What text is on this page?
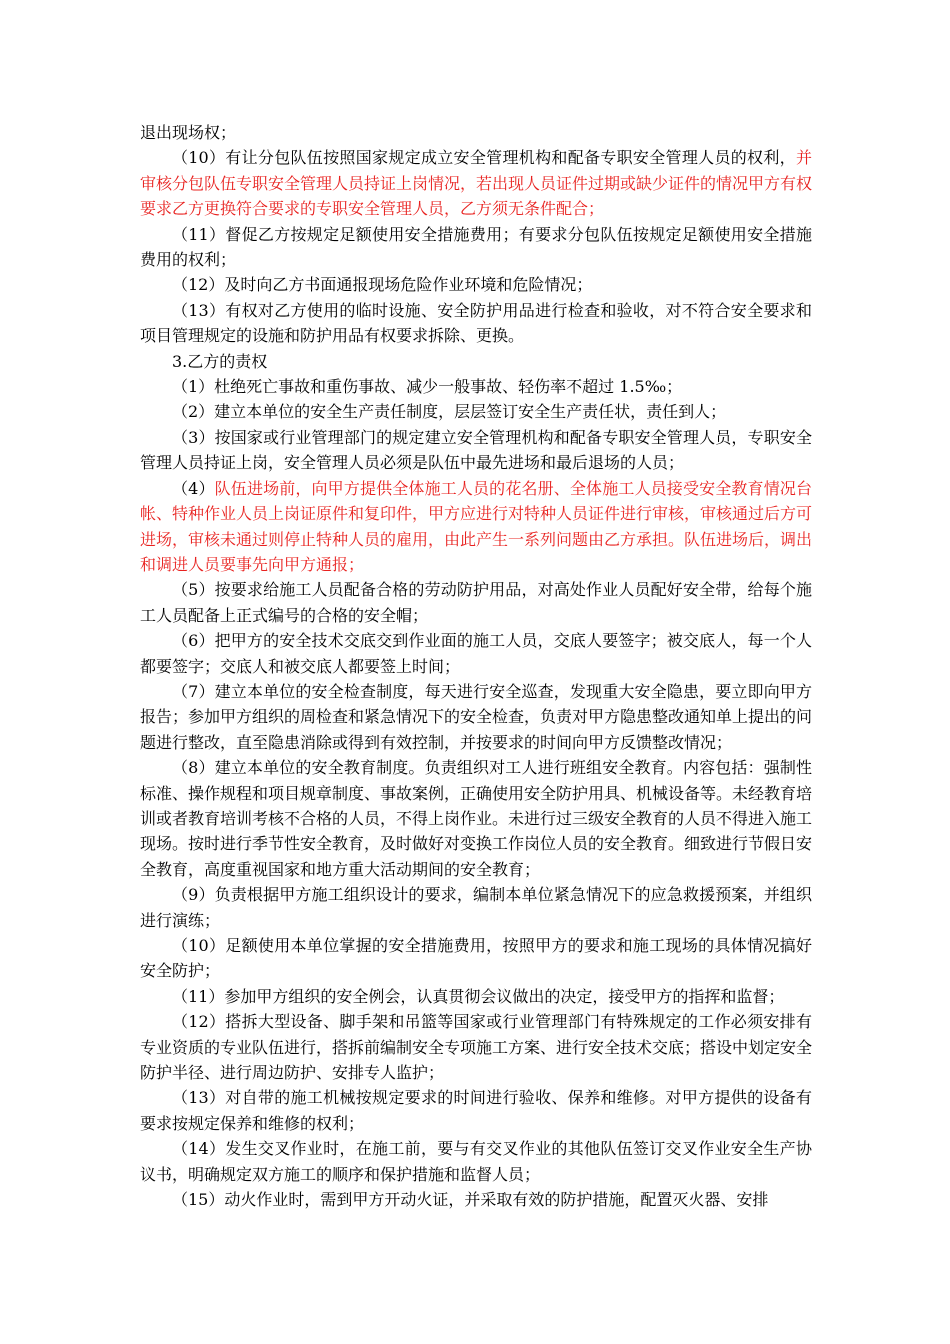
退出现场权；

（10）有让分包队伍按照国家规定成立安全管理机构和配备专职安全管理人员的权利，并审核分包队伍专职安全管理人员持证上岗情况，若出现人员证件过期或缺少证件的情况甲方有权要求乙方更换符合要求的专职安全管理人员，乙方须无条件配合；

（11）督促乙方按规定足额使用安全措施费用；有要求分包队伍按规定足额使用安全措施费用的权利；

（12）及时向乙方书面通报现场危险作业环境和危险情况；

（13）有权对乙方使用的临时设施、安全防护用品进行检查和验收，对不符合安全要求和项目管理规定的设施和防护用品有权要求拆除、更换。

3.乙方的责权

（1）杜绝死亡事故和重伤事故、减少一般事故、轻伤率不超过 1.5‰；

（2）建立本单位的安全生产责任制度，层层签订安全生产责任状，责任到人；

（3）按国家或行业管理部门的规定建立安全管理机构和配备专职安全管理人员，专职安全管理人员持证上岗，安全管理人员必须是队伍中最先进场和最后退场的人员；

（4）队伍进场前，向甲方提供全体施工人员的花名册、全体施工人员接受安全教育情况台帐、特种作业人员上岗证原件和复印件，甲方应进行对特种人员证件进行审核，审核通过后方可进场，审核未通过则停止特种人员的雇用，由此产生一系列问题由乙方承担。队伍进场后，调出和调进人员要事先向甲方通报；

（5）按要求给施工人员配备合格的劳动防护用品，对高处作业人员配好安全带，给每个施工人员配备上正式编号的合格的安全帽；

（6）把甲方的安全技术交底交到作业面的施工人员，交底人要签字；被交底人，每一个人都要签字；交底人和被交底人都要签上时间；

（7）建立本单位的安全检查制度，每天进行安全巡查，发现重大安全隐患，要立即向甲方报告；参加甲方组织的周检查和紧急情况下的安全检查，负责对甲方隐患整改通知单上提出的问题进行整改，直至隐患消除或得到有效控制，并按要求的时间向甲方反馈整改情况；

（8）建立本单位的安全教育制度。负责组织对工人进行班组安全教育。内容包括：强制性标准、操作规程和项目规章制度、事故案例，正确使用安全防护用具、机械设备等。未经教育培训或者教育培训考核不合格的人员，不得上岗作业。未进行过三级安全教育的人员不得进入施工现场。按时进行季节性安全教育，及时做好对变换工作岗位人员的安全教育。细致进行节假日安全教育，高度重视国家和地方重大活动期间的安全教育；

（9）负责根据甲方施工组织设计的要求，编制本单位紧急情况下的应急救援预案，并组织进行演练；

（10）足额使用本单位掌握的安全措施费用，按照甲方的要求和施工现场的具体情况搞好安全防护；

（11）参加甲方组织的安全例会，认真贯彻会议做出的决定，接受甲方的指挥和监督；

（12）搭拆大型设备、脚手架和吊篮等国家或行业管理部门有特殊规定的工作必须安排有专业资质的专业队伍进行，搭拆前编制安全专项施工方案、进行安全技术交底；搭设中划定安全防护半径、进行周边防护、安排专人监护；

（13）对自带的施工机械按规定要求的时间进行验收、保养和维修。对甲方提供的设备有要求按规定保养和维修的权利；

（14）发生交叉作业时，在施工前，要与有交叉作业的其他队伍签订交叉作业安全生产协议书，明确规定双方施工的顺序和保护措施和监督人员；

（15）动火作业时，需到甲方开动火证，并采取有效的防护措施，配置灭火器、安排
